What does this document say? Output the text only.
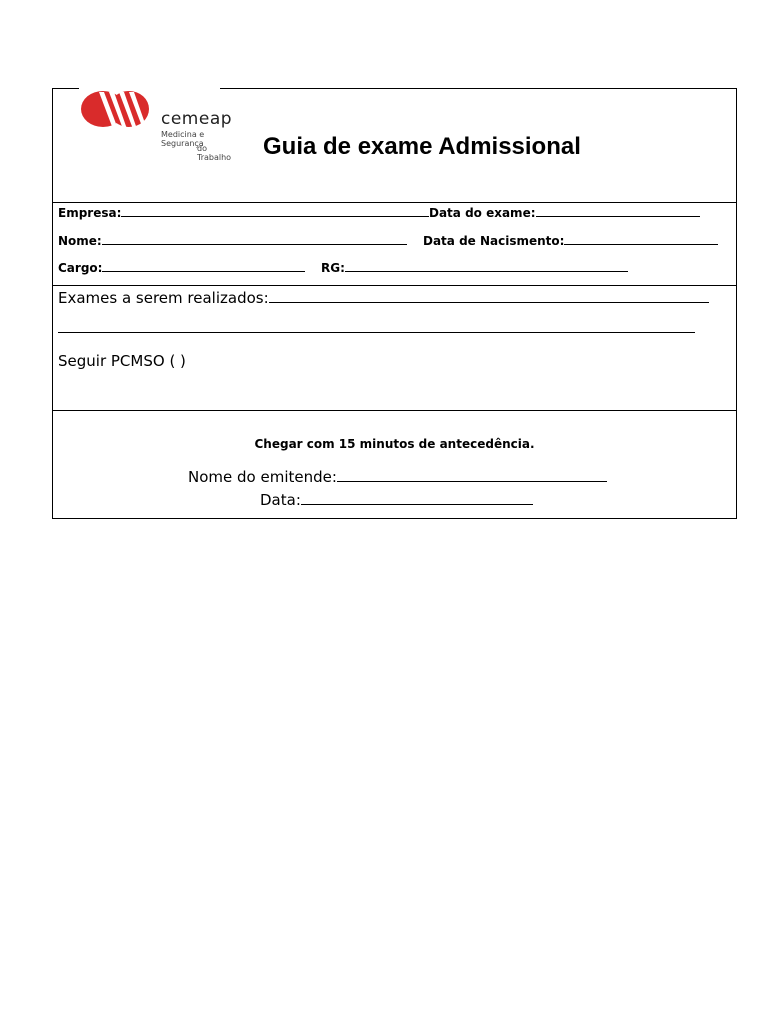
cemeap
Medicina e Segurança
do Trabalho Guia de exame Admissional
Empresa:	Data do exame:
Nome:	Data de Nacismento:
Cargo:	RG:
Exames a serem realizados:
Seguir PCMSO ( )
Chegar com 15 minutos de antecedência.
Nome do emitende:
Data:
